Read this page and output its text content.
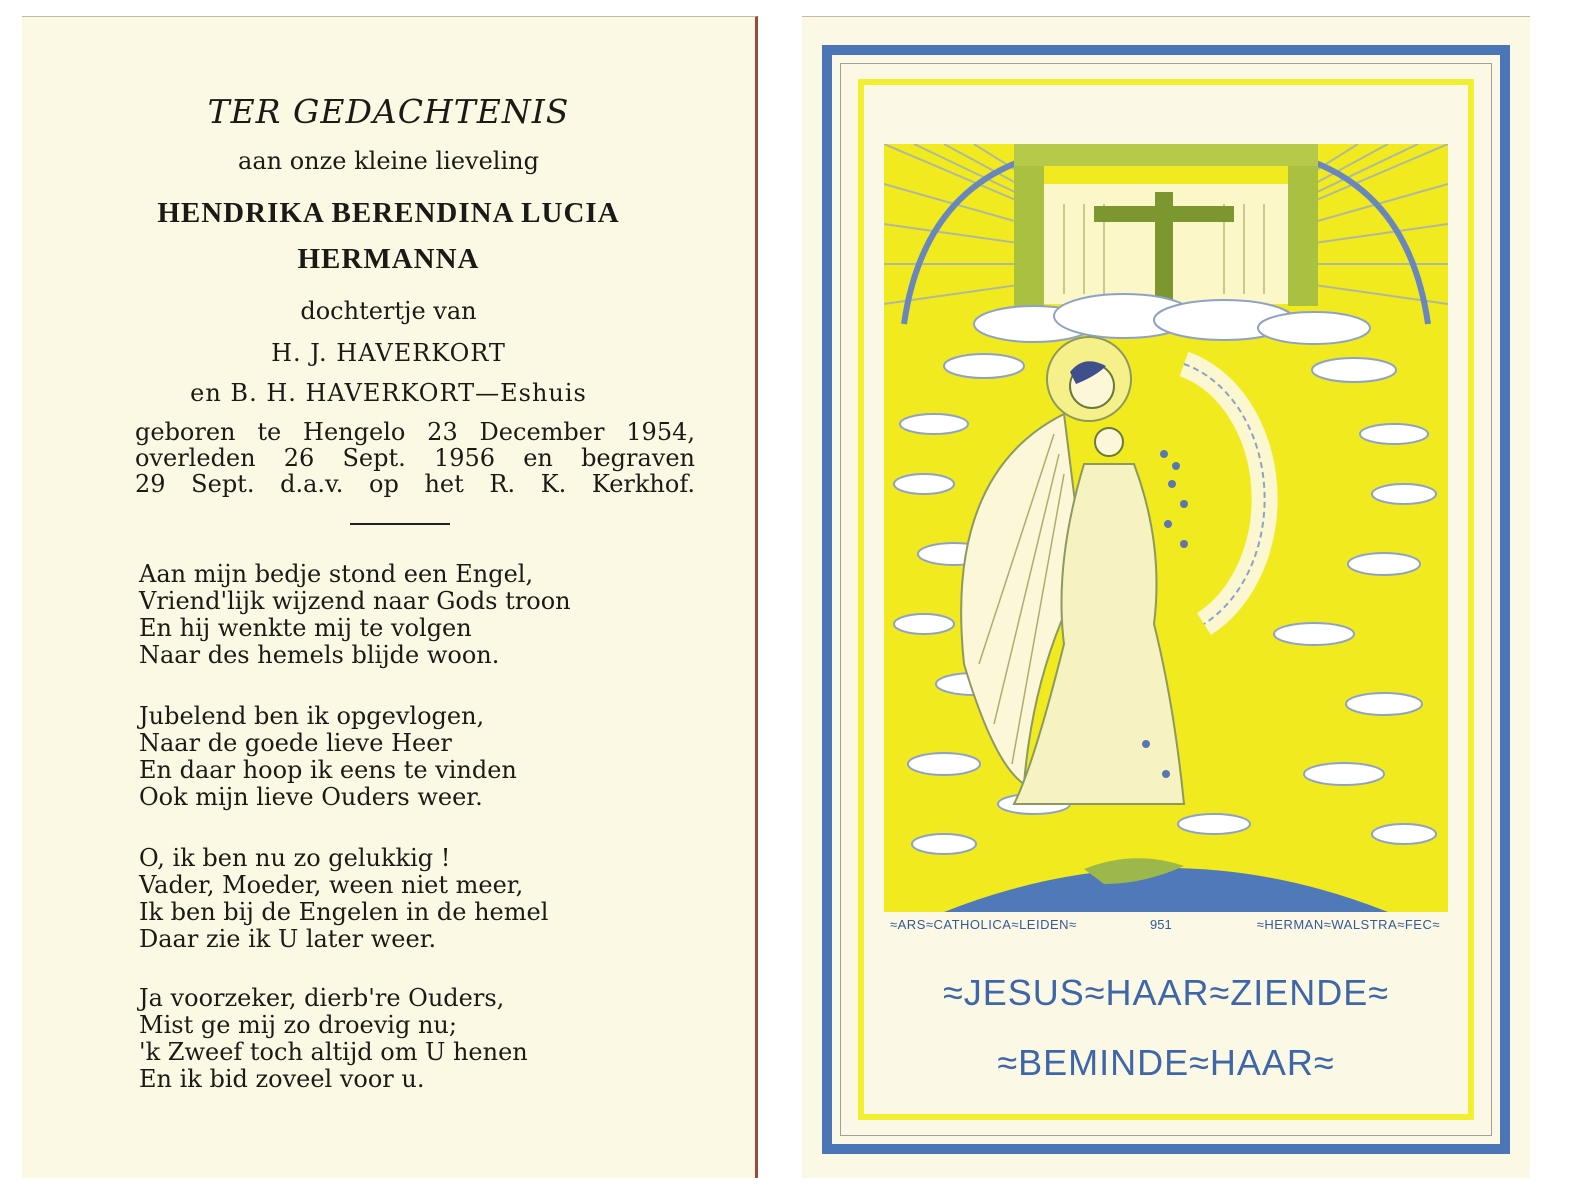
TER GEDACHTENIS
aan onze kleine lieveling
HENDRIKA BERENDINA LUCIA
HERMANNA
dochtertje van
H. J. HAVERKORT
en B. H. HAVERKORT—Eshuis
geboren te Hengelo 23 December 1954,
overleden 26 Sept. 1956 en begraven
29 Sept. d.a.v. op het R. K. Kerkhof.
Aan mijn bedje stond een Engel,
Vriend'lijk wijzend naar Gods troon
En hij wenkte mij te volgen
Naar des hemels blijde woon.
Jubelend ben ik opgevlogen,
Naar de goede lieve Heer
En daar hoop ik eens te vinden
Ook mijn lieve Ouders weer.
O, ik ben nu zo gelukkig !
Vader, Moeder, ween niet meer,
Ik ben bij de Engelen in de hemel
Daar zie ik U later weer.
Ja voorzeker, dierb're Ouders,
Mist ge mij zo droevig nu;
'k Zweef toch altijd om U henen
En ik bid zoveel voor u.
≈ARS≈CATHOLICA≈LEIDEN≈	951	≈HERMAN≈WALSTRA≈FEC≈
≈JESUS≈HAAR≈ZIENDE≈
≈BEMINDE≈HAAR≈
